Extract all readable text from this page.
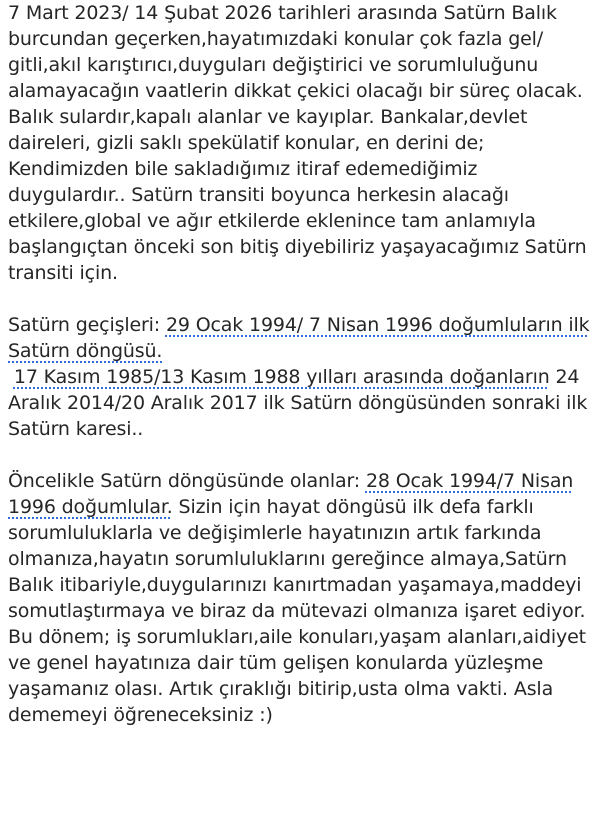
7 Mart 2023/ 14 Şubat 2026 tarihleri arasında Satürn Balık
burcundan geçerken,hayatımızdaki konular çok fazla gel/
gitli,akıl karıştırıcı,duyguları değiştirici ve sorumluluğunu
alamayacağın vaatlerin dikkat çekici olacağı bir süreç olacak.
Balık sulardır,kapalı alanlar ve kayıplar. Bankalar,devlet
daireleri, gizli saklı spekülatif konular, en derini de;
Kendimizden bile sakladığımız itiraf edemediğimiz
duygulardır.. Satürn transiti boyunca herkesin alacağı
etkilere,global ve ağır etkilerde eklenince tam anlamıyla
başlangıçtan önceki son bitiş diyebiliriz yaşayacağımız Satürn
transiti için.

Satürn geçişleri: 29 Ocak 1994/ 7 Nisan 1996 doğumluların ilk
Satürn döngüsü.
17 Kasım 1985/13 Kasım 1988 yılları arasında doğanların 24
Aralık 2014/20 Aralık 2017 ilk Satürn döngüsünden sonraki ilk
Satürn karesi..

Öncelikle Satürn döngüsünde olanlar: 28 Ocak 1994/7 Nisan
1996 doğumlular. Sizin için hayat döngüsü ilk defa farklı
sorumluluklarla ve değişimlerle hayatınızın artık farkında
olmanıza,hayatın sorumluluklarını gereğince almaya,Satürn
Balık itibariyle,duygularınızı kanırtmadan yaşamaya,maddeyi
somutlaştırmaya ve biraz da mütevazi olmanıza işaret ediyor.
Bu dönem; iş sorumlukları,aile konuları,yaşam alanları,aidiyet
ve genel hayatınıza dair tüm gelişen konularda yüzleşme
yaşamanız olası. Artık çıraklığı bitirip,usta olma vakti. Asla
dememeyi öğreneceksiniz :)
